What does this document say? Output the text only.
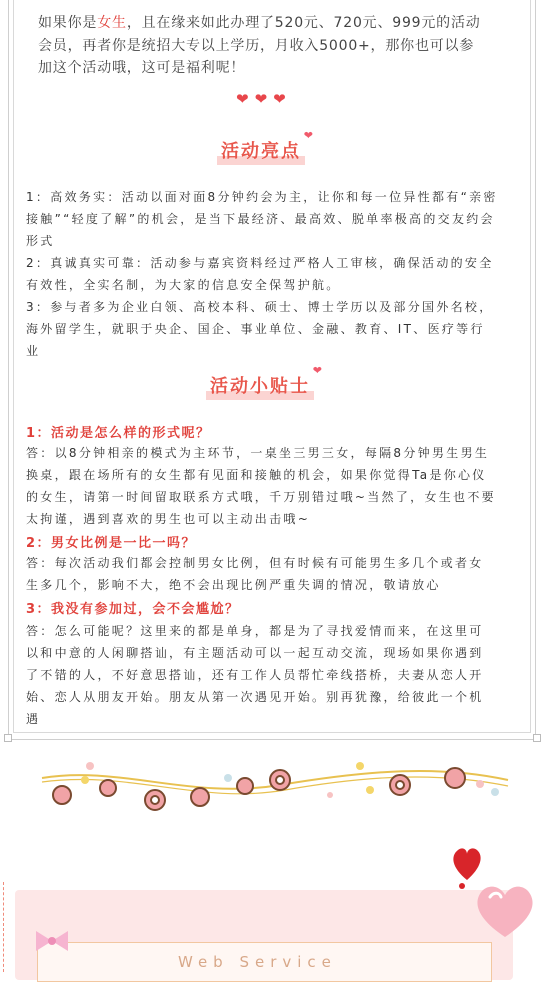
如果你是女生，且在缘来如此办理了520元、720元、999元的活动
会员，再者你是统招大专以上学历，月收入5000+，那你也可以参
加这个活动哦，这可是福利呢！
❤❤❤
活动亮点
❤
1：高效务实：活动以面对面8分钟约会为主，让你和每一位异性都有“亲密
接触”“轻度了解”的机会，是当下最经济、最高效、脱单率极高的交友约会
形式
2：真诚真实可靠：活动参与嘉宾资料经过严格人工审核，确保活动的安全
有效性，全实名制，为大家的信息安全保驾护航。
3：参与者多为企业白领、高校本科、硕士、博士学历以及部分国外名校，
海外留学生，就职于央企、国企、事业单位、金融、教育、IT、医疗等行
业
活动小贴士
❤
1：活动是怎么样的形式呢？
答：以8分钟相亲的模式为主环节，一桌坐三男三女，每隔8分钟男生男生
换桌，跟在场所有的女生都有见面和接触的机会，如果你觉得Ta是你心仪
的女生，请第一时间留取联系方式哦，千万别错过哦~当然了，女生也不要
太拘谨，遇到喜欢的男生也可以主动出击哦~
2：男女比例是一比一吗？
答：每次活动我们都会控制男女比例，但有时候有可能男生多几个或者女
生多几个，影响不大，绝不会出现比例严重失调的情况，敬请放心
3：我没有参加过，会不会尴尬？
答：怎么可能呢？这里来的都是单身，都是为了寻找爱情而来，在这里可
以和中意的人闲聊搭讪，有主题活动可以一起互动交流，现场如果你遇到
了不错的人，不好意思搭讪，还有工作人员帮忙牵线搭桥，夫妻从恋人开
始、恋人从朋友开始。朋友从第一次遇见开始。别再犹豫，给彼此一个机
遇
Web Service
